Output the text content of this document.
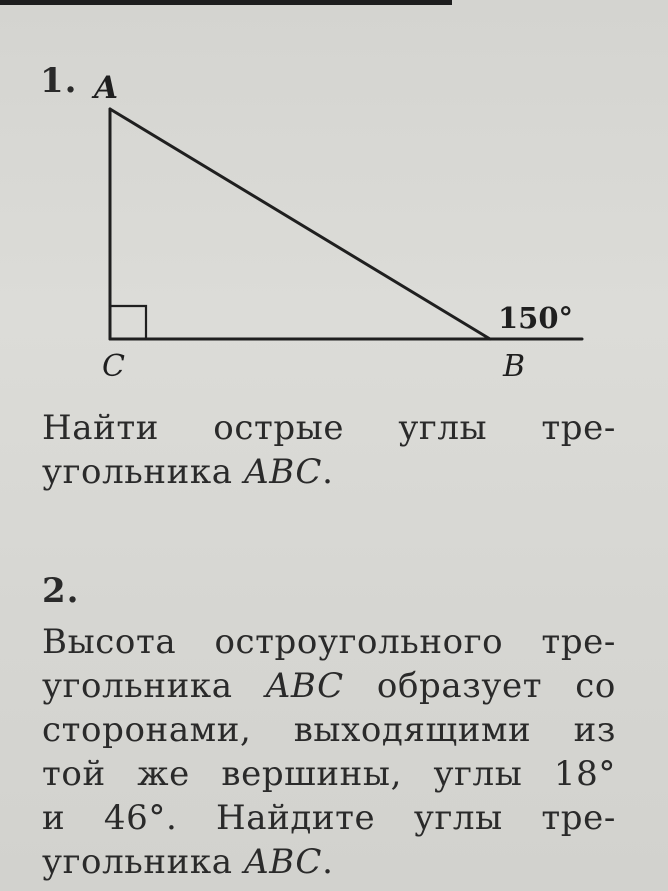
1. A
C	B
150°
Найти острые углы тре-
угольника ABC .
2.
Высота остроугольного тре-
угольника ABC образует со
сторонами, выходящими из
той же вершины, углы 18°
и 46°. Найдите углы тре-
угольника ABC .
